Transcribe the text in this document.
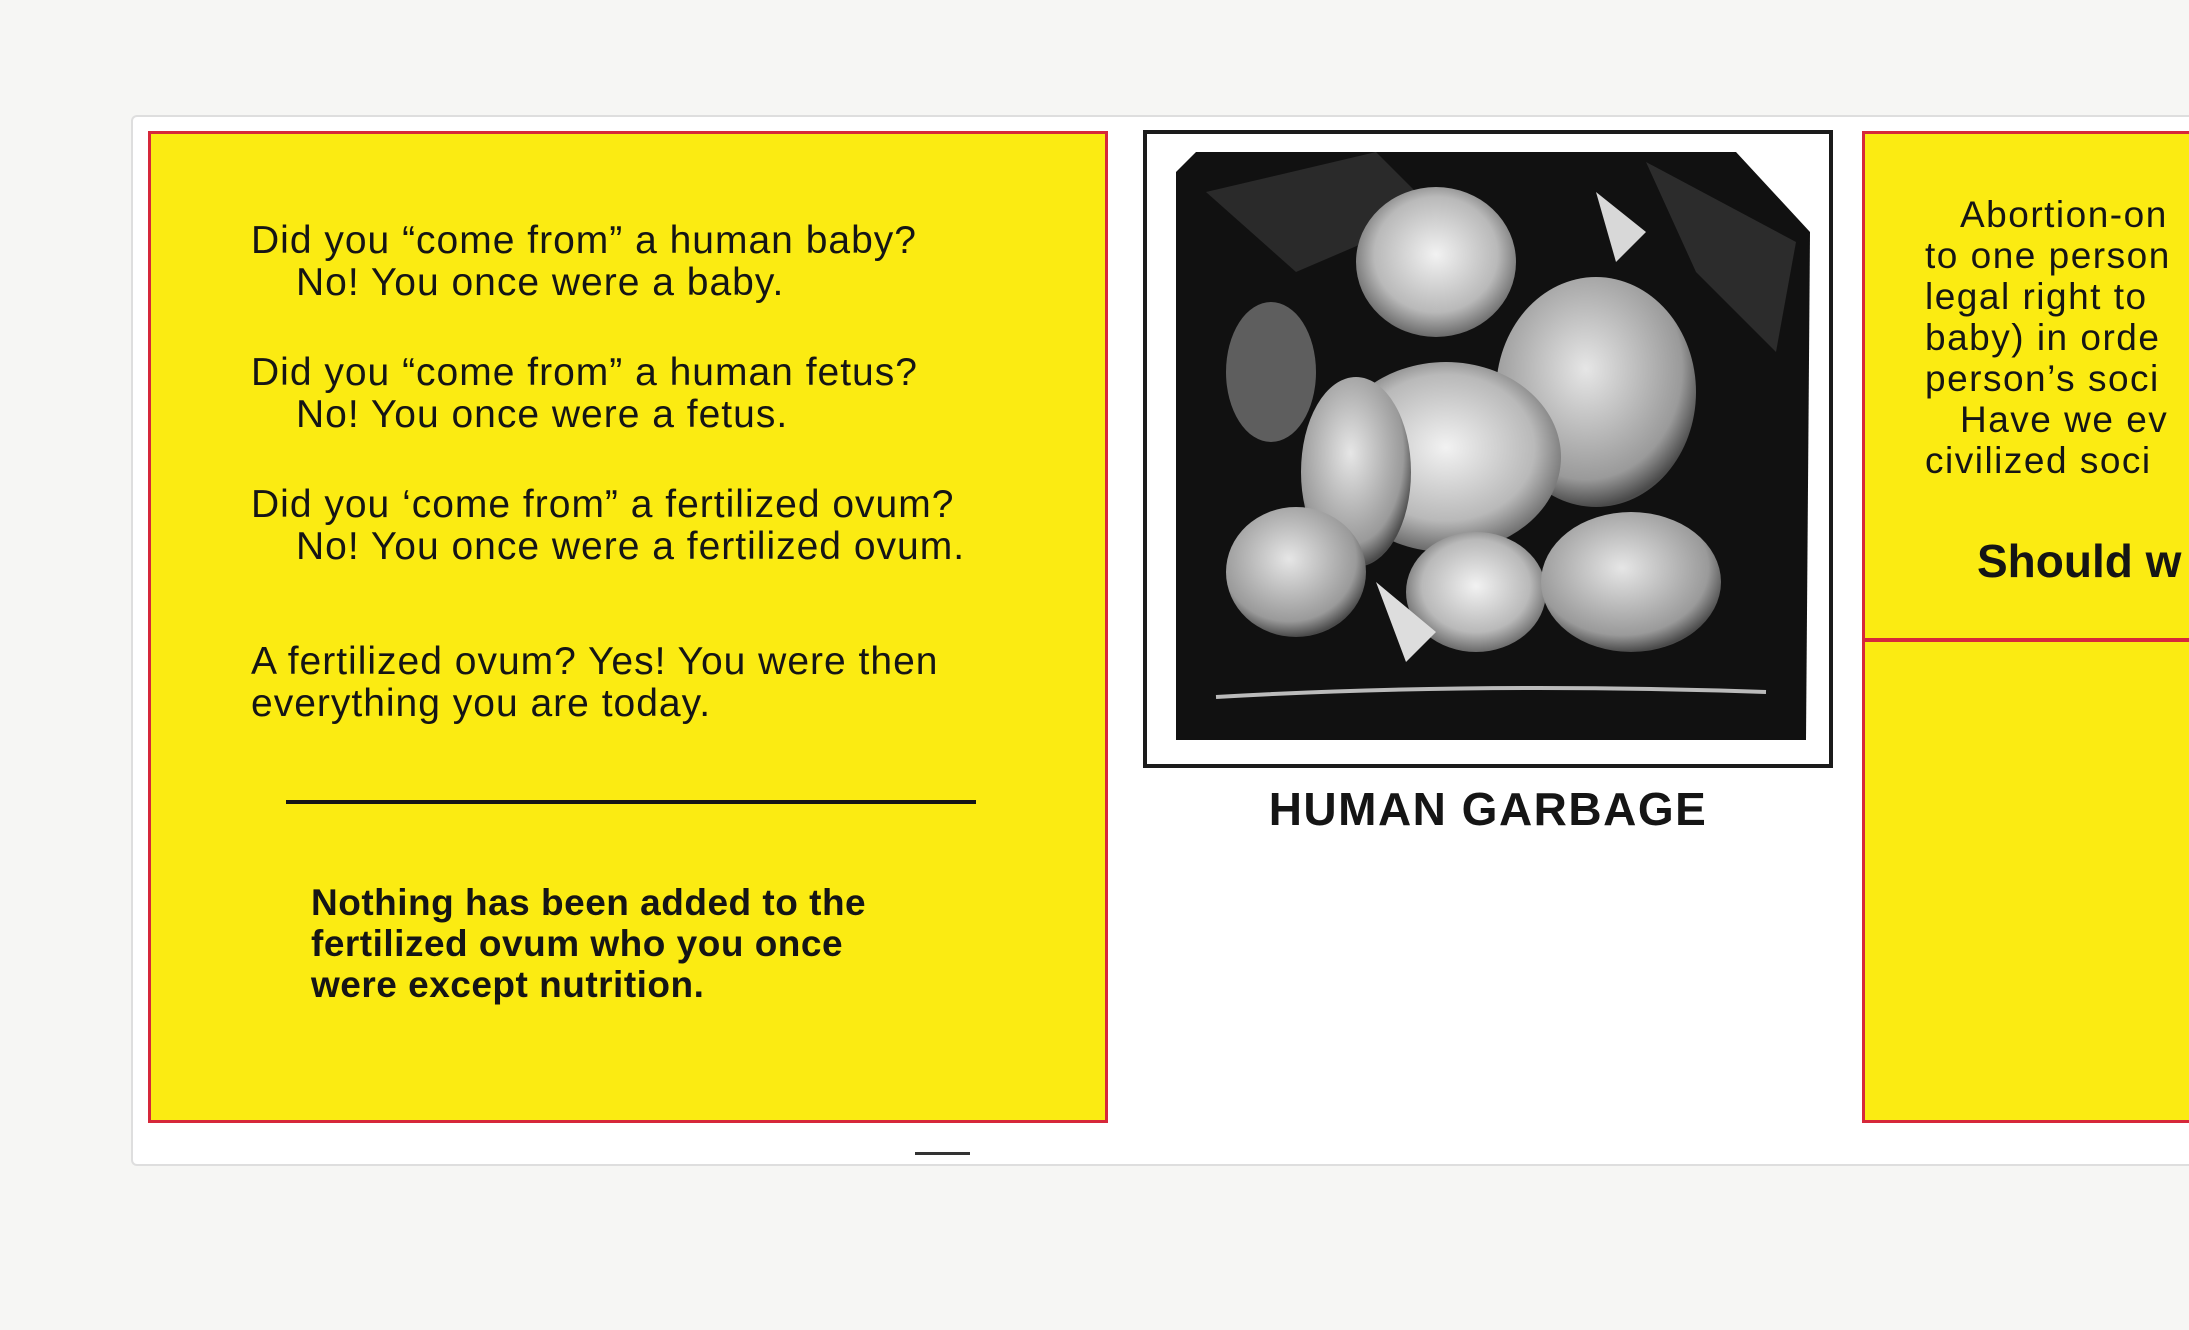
Did you “come from” a human baby?

No! You once were a baby.

Did you “come from” a human fetus?

No! You once were a fetus.

Did you ‘come from” a fertilized ovum?

No! You once were a fertilized ovum.

A fertilized ovum? Yes! You were then

everything you are today.

Nothing has been added to the
fertilized ovum who you once
were except nutrition.
HUMAN GARBAGE
Abortion-on
to one person
legal right to
baby) in orde
person’s soci
Have we ev
civilized soci
Should w
